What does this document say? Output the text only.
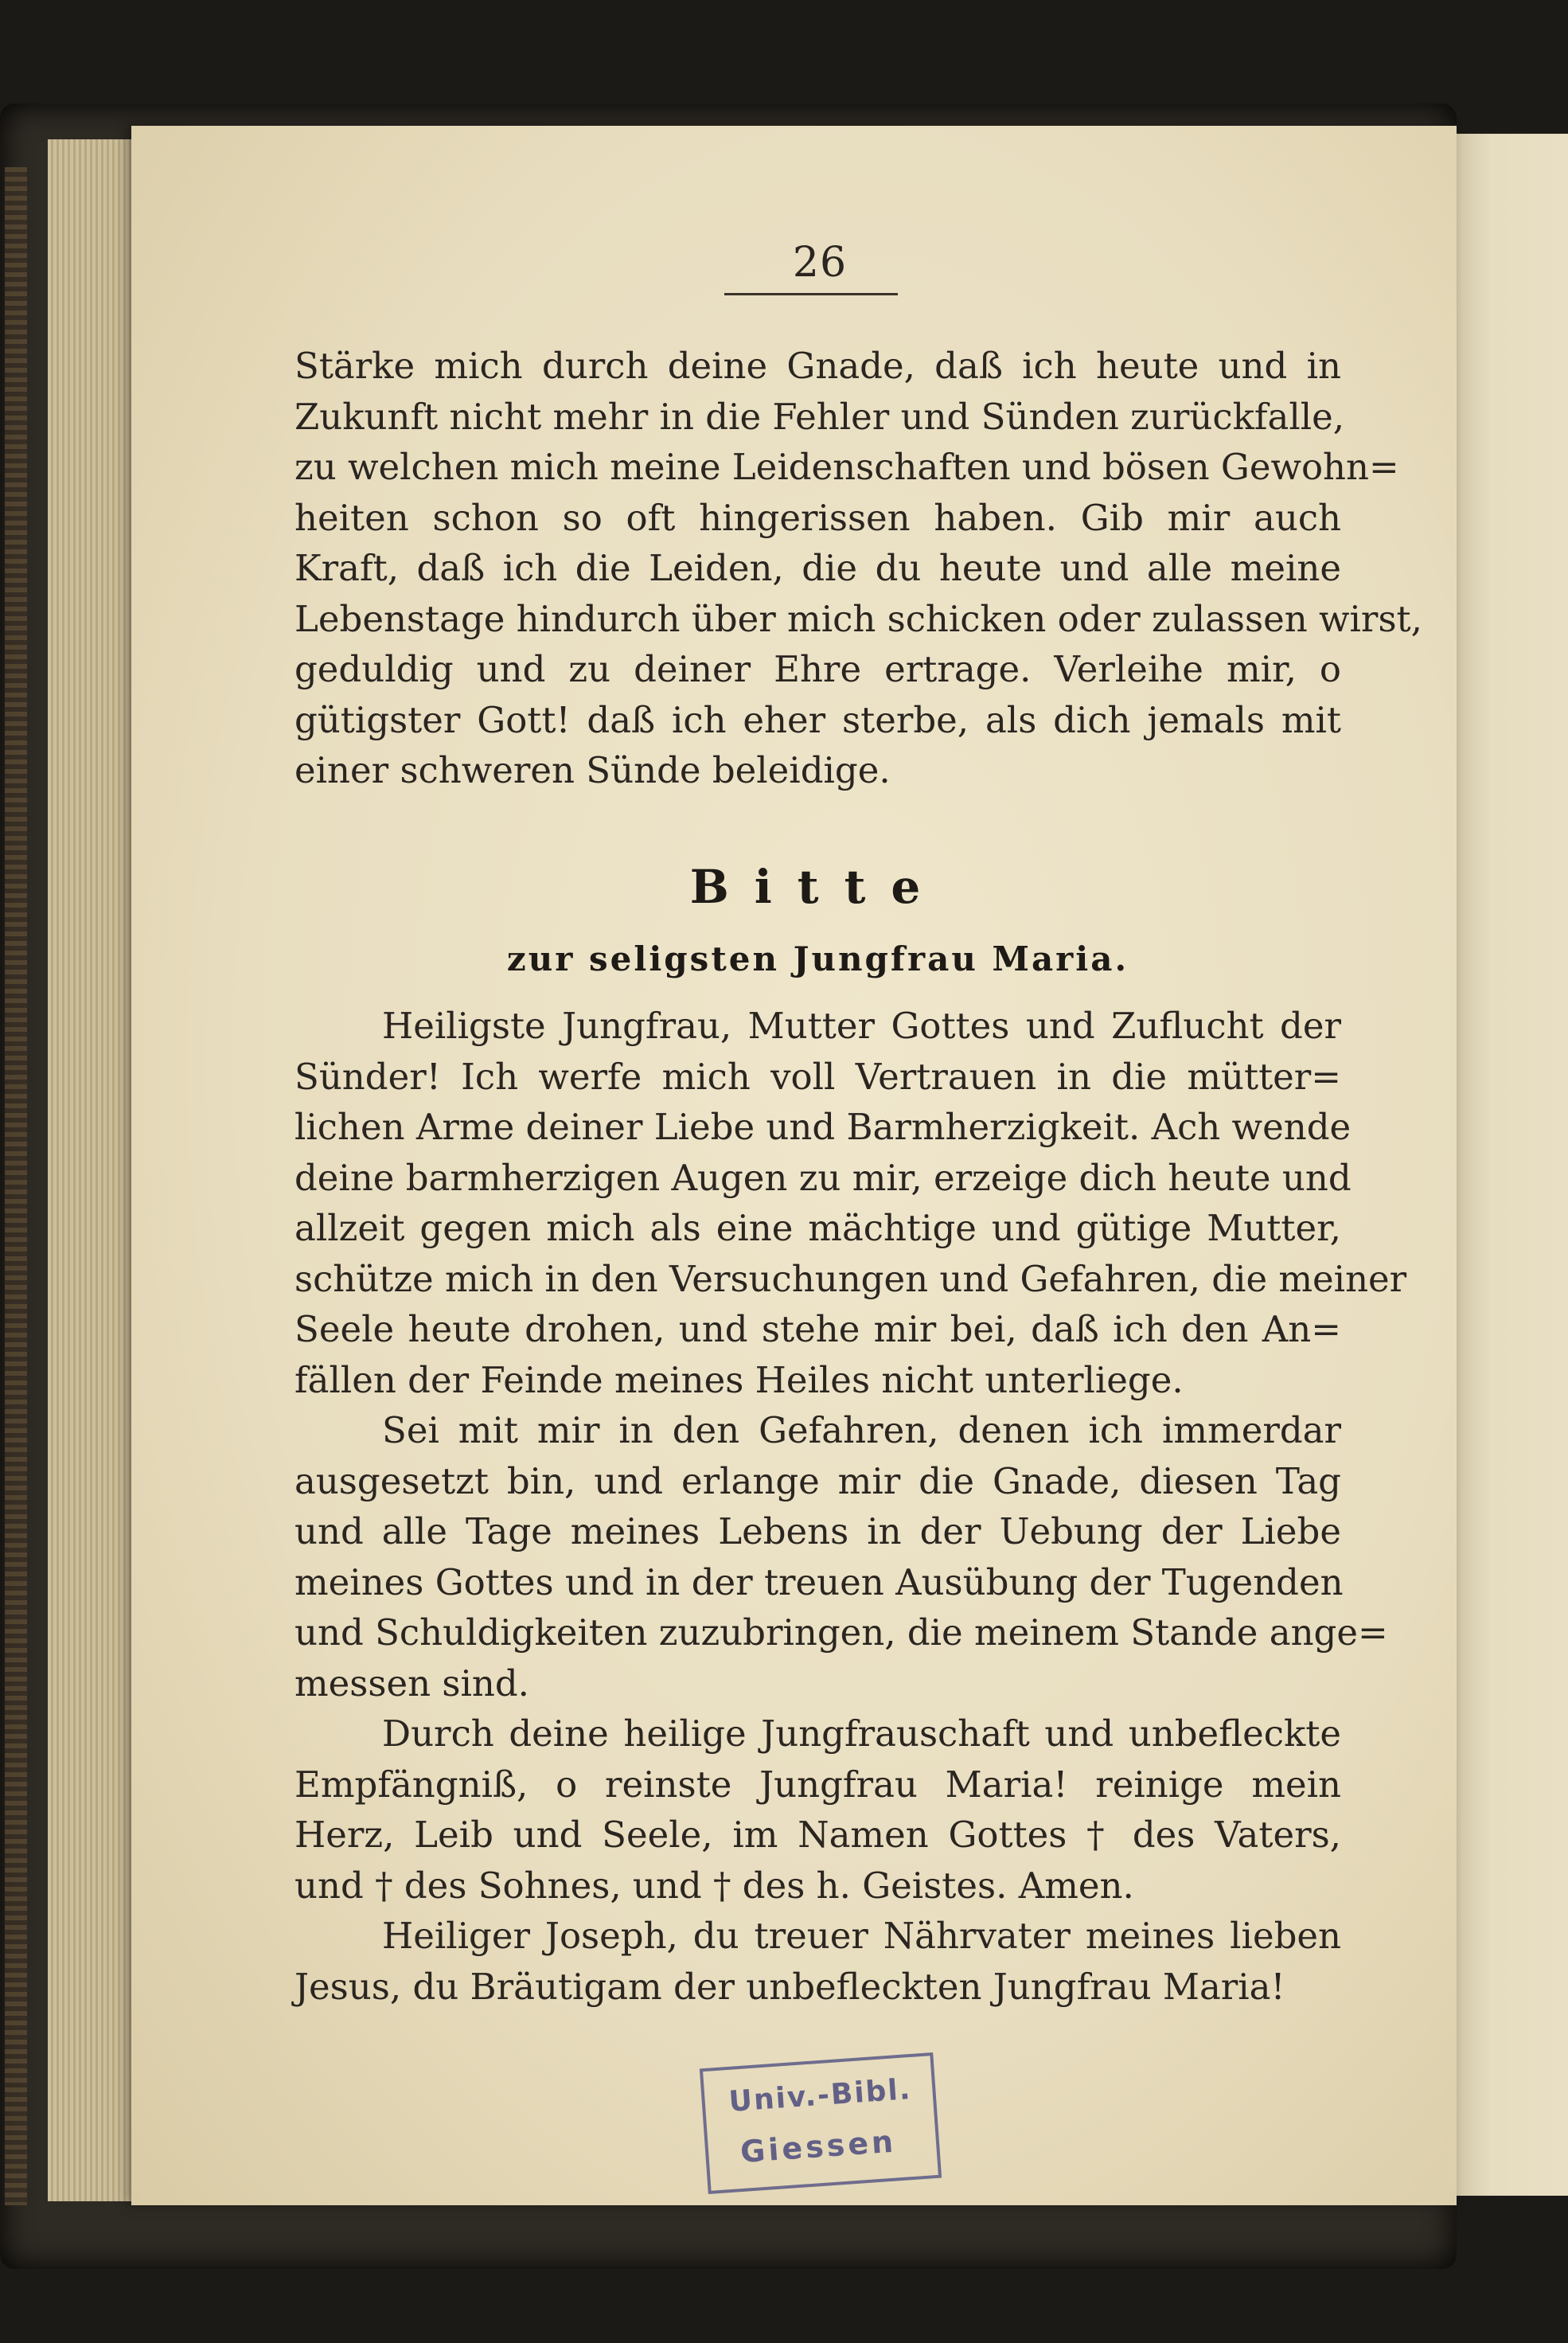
26
Stärke mich durch deine Gnade, daß ich heute und in
Zukunft nicht mehr in die Fehler und Sünden zurückfalle,
zu welchen mich meine Leidenschaften und bösen Gewohn=
heiten schon so oft hingerissen haben. Gib mir auch
Kraft, daß ich die Leiden, die du heute und alle meine
Lebenstage hindurch über mich schicken oder zulassen wirst,
geduldig und zu deiner Ehre ertrage. Verleihe mir, o
gütigster Gott! daß ich eher sterbe, als dich jemals mit
einer schweren Sünde beleidige.
Bitte
zur seligsten Jungfrau Maria.
Heiligste Jungfrau, Mutter Gottes und Zuflucht der
Sünder! Ich werfe mich voll Vertrauen in die mütter=
lichen Arme deiner Liebe und Barmherzigkeit. Ach wende
deine barmherzigen Augen zu mir, erzeige dich heute und
allzeit gegen mich als eine mächtige und gütige Mutter,
schütze mich in den Versuchungen und Gefahren, die meiner
Seele heute drohen, und stehe mir bei, daß ich den An=
fällen der Feinde meines Heiles nicht unterliege.
Sei mit mir in den Gefahren, denen ich immerdar
ausgesetzt bin, und erlange mir die Gnade, diesen Tag
und alle Tage meines Lebens in der Uebung der Liebe
meines Gottes und in der treuen Ausübung der Tugenden
und Schuldigkeiten zuzubringen, die meinem Stande ange=
messen sind.
Durch deine heilige Jungfrauschaft und unbefleckte
Empfängniß, o reinste Jungfrau Maria! reinige mein
Herz, Leib und Seele, im Namen Gottes † des Vaters,
und † des Sohnes, und † des h. Geistes. Amen.
Heiliger Joseph, du treuer Nährvater meines lieben
Jesus, du Bräutigam der unbefleckten Jungfrau Maria!
Univ.-Bibl.
Giessen
